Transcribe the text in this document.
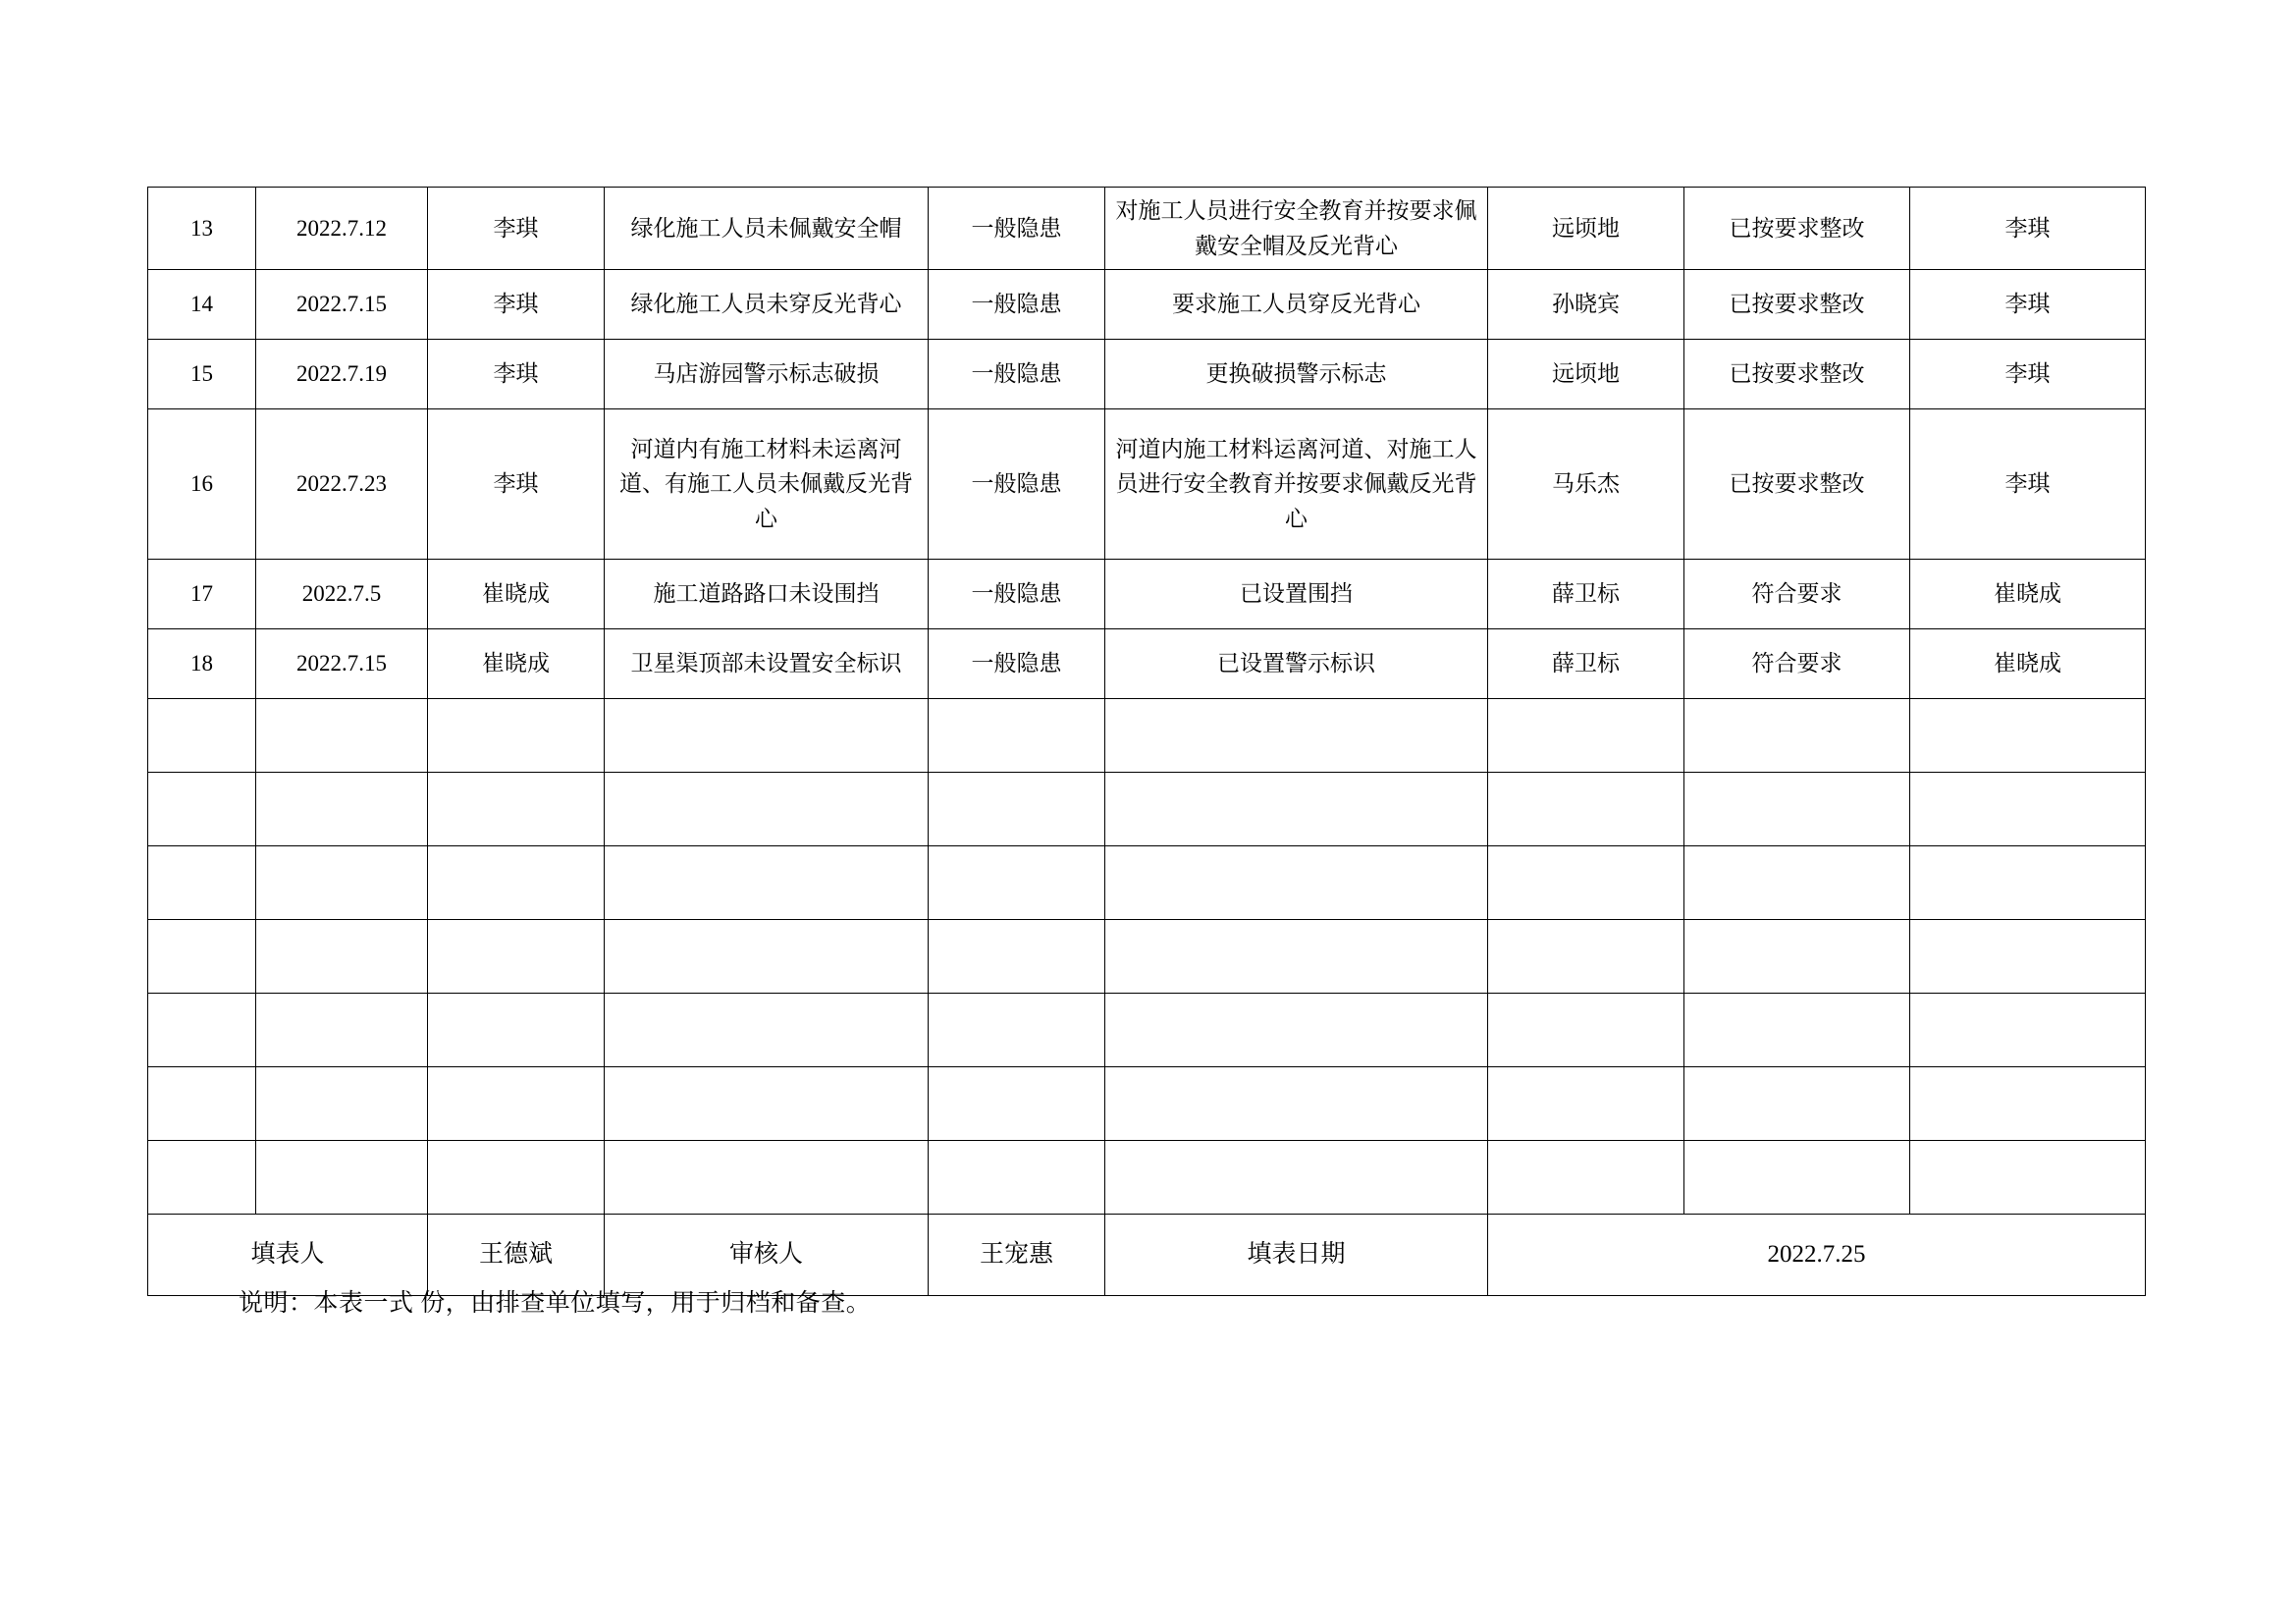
13	2022.7.12	李琪	绿化施工人员未佩戴安全帽	一般隐患	对施工人员进行安全教育并按要求佩戴安全帽及反光背心	远顷地	已按要求整改	李琪
14	2022.7.15	李琪	绿化施工人员未穿反光背心	一般隐患	要求施工人员穿反光背心	孙晓宾	已按要求整改	李琪
15	2022.7.19	李琪	马店游园警示标志破损	一般隐患	更换破损警示标志	远顷地	已按要求整改	李琪
16	2022.7.23	李琪	河道内有施工材料未运离河道、有施工人员未佩戴反光背心	一般隐患	河道内施工材料运离河道、对施工人员进行安全教育并按要求佩戴反光背心	马乐杰	已按要求整改	李琪
17	2022.7.5	崔晓成	施工道路路口未设围挡	一般隐患	已设置围挡	薛卫标	符合要求	崔晓成
18	2022.7.15	崔晓成	卫星渠顶部未设置安全标识	一般隐患	已设置警示标识	薛卫标	符合要求	崔晓成

填表人		王德斌	审核人	王宠惠	填表日期	2022.7.25		
说明：本表一式 份，由排查单位填写，用于归档和备查。
